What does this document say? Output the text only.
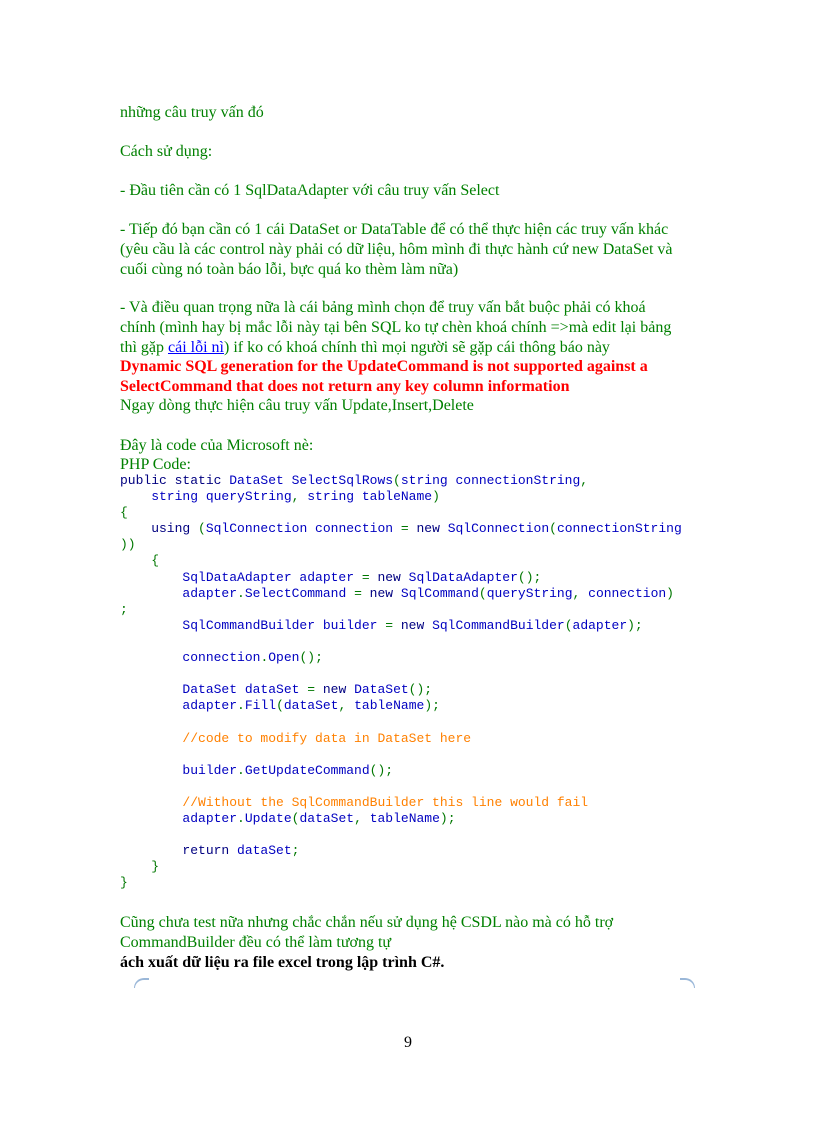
những câu truy vấn đó
Cách sử dụng:
- Đầu tiên cần có 1 SqlDataAdapter với câu truy vấn Select
- Tiếp đó bạn cần có 1 cái DataSet or DataTable để có thể thực hiện các truy vấn khác
(yêu cầu là các control này phải có dữ liệu, hôm mình đi thực hành cứ new DataSet và
cuối cùng nó toàn báo lỗi, bực quá ko thèm làm nữa)
- Và điều quan trọng nữa là cái bảng mình chọn để truy vấn bắt buộc phải có khoá
chính (mình hay bị mắc lỗi này tại bên SQL ko tự chèn khoá chính =>mà edit lại bảng
thì gặp cái lỗi nì) if ko có khoá chính thì mọi người sẽ gặp cái thông báo này
Dynamic SQL generation for the UpdateCommand is not supported against a
SelectCommand that does not return any key column information
Ngay dòng thực hiện câu truy vấn Update,Insert,Delete
Đây là code của Microsoft nè:
PHP Code:
public static DataSet SelectSqlRows(string connectionString,
string queryString, string tableName)
{
using (SqlConnection connection = new SqlConnection(connectionString
))
{
SqlDataAdapter adapter = new SqlDataAdapter();
adapter.SelectCommand = new SqlCommand(queryString, connection)
;
SqlCommandBuilder builder = new SqlCommandBuilder(adapter);

connection.Open();

DataSet dataSet = new DataSet();
adapter.Fill(dataSet, tableName);

//code to modify data in DataSet here

builder.GetUpdateCommand();

//Without the SqlCommandBuilder this line would fail
adapter.Update(dataSet, tableName);

return dataSet;
}
}
Cũng chưa test nữa nhưng chắc chắn nếu sử dụng hệ CSDL nào mà có hỗ trợ
CommandBuilder đều có thể làm tương tự
ách xuất dữ liệu ra file excel trong lập trình C#.
9
